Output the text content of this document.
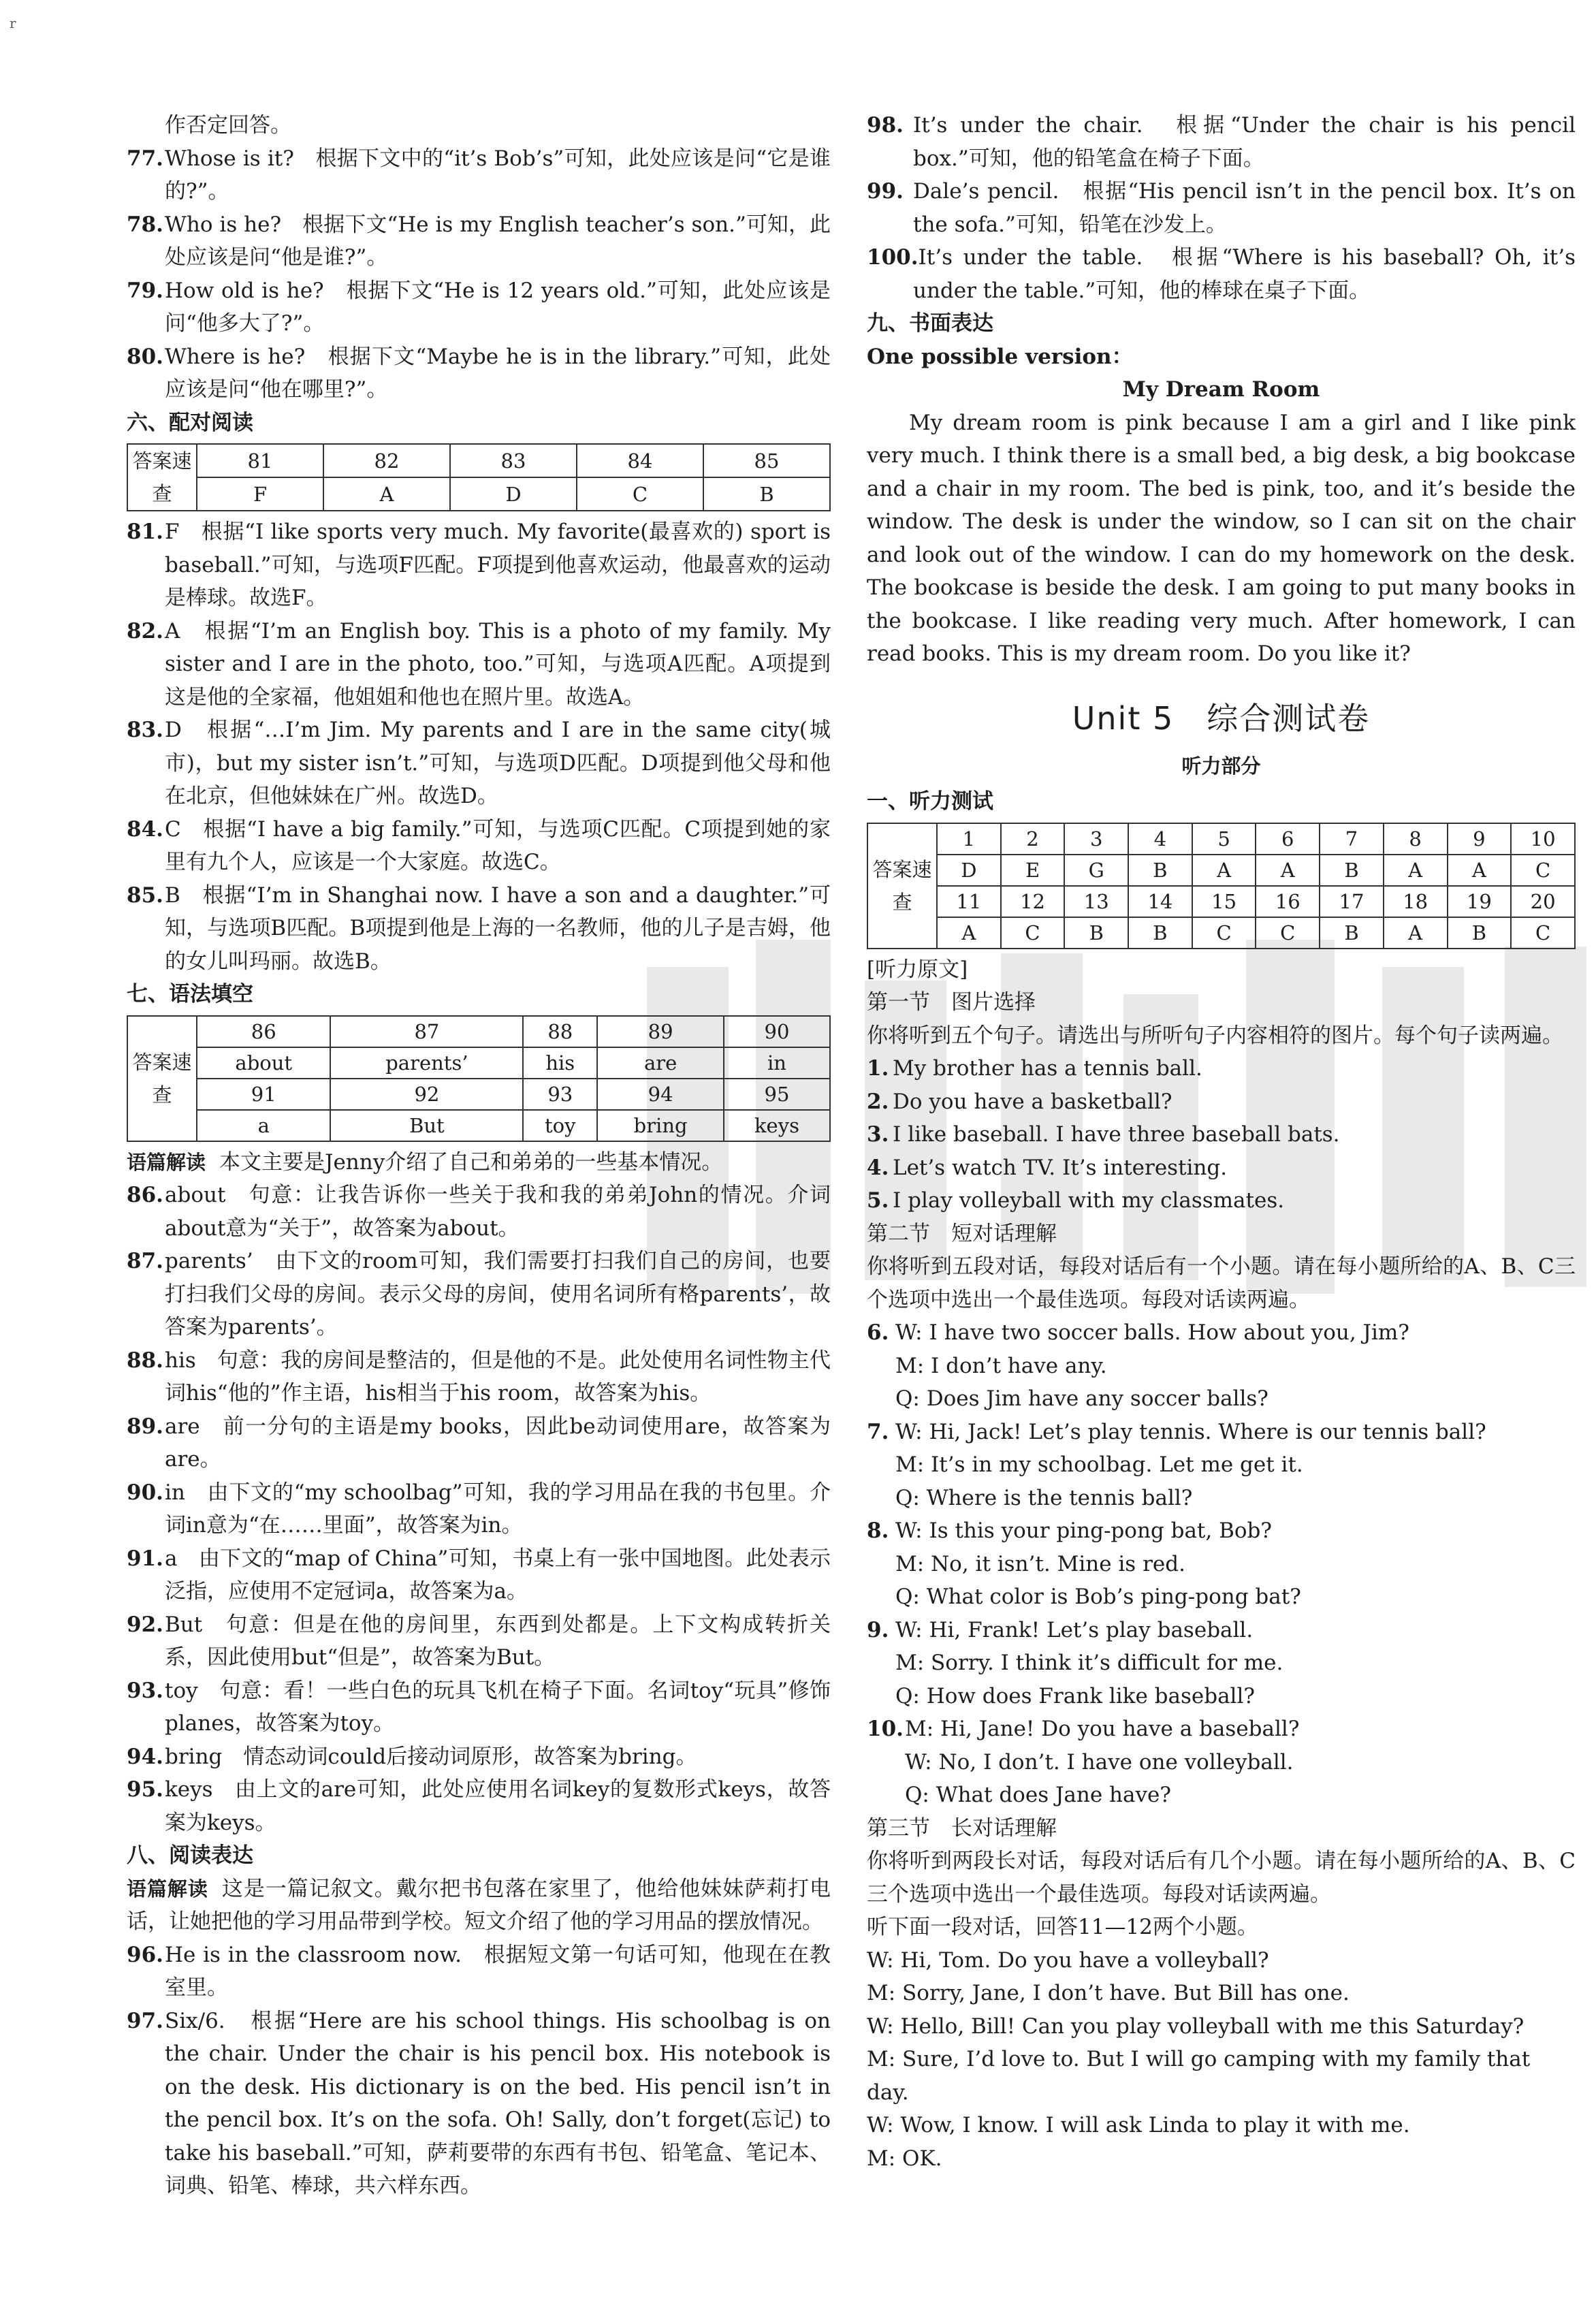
r

作否定回答。

77.Whose is it?　根据下文中的“it’s Bob’s”可知，此处应该是问“它是谁的?”。

78.Who is he?　根据下文“He is my English teacher’s son.”可知，此处应该是问“他是谁?”。

79.How old is he?　根据下文“He is 12 years old.”可知，此处应该是问“他多大了?”。

80.Where is he?　根据下文“Maybe he is in the library.”可知，此处应该是问“他在哪里?”。

六、配对阅读

答案速查	81	82	83	84	85
	F	A	D	C	B

81.F　根据“I like sports very much. My favorite(最喜欢的) sport is baseball.”可知，与选项F匹配。F项提到他喜欢运动，他最喜欢的运动是棒球。故选F。

82.A　根据“I’m an English boy. This is a photo of my family. My sister and I are in the photo, too.”可知，与选项A匹配。A项提到这是他的全家福，他姐姐和他也在照片里。故选A。

83.D　根据“…I’m Jim. My parents and I are in the same city(城市)，but my sister isn’t.”可知，与选项D匹配。D项提到他父母和他在北京，但他妹妹在广州。故选D。

84.C　根据“I have a big family.”可知，与选项C匹配。C项提到她的家里有九个人，应该是一个大家庭。故选C。

85.B　根据“I’m in Shanghai now. I have a son and a daughter.”可知，与选项B匹配。B项提到他是上海的一名教师，他的儿子是吉姆，他的女儿叫玛丽。故选B。

七、语法填空

答案速查	86	87	88	89	90
	about	parents’	his	are	in
	91	92	93	94	95
	a	But	toy	bring	keys

语篇解读 本文主要是Jenny介绍了自己和弟弟的一些基本情况。

86.about　句意：让我告诉你一些关于我和我的弟弟John的情况。介词about意为“关于”，故答案为about。

87.parents’　由下文的room可知，我们需要打扫我们自己的房间，也要打扫我们父母的房间。表示父母的房间，使用名词所有格parents’，故答案为parents’。

88.his　句意：我的房间是整洁的，但是他的不是。此处使用名词性物主代词his“他的”作主语，his相当于his room，故答案为his。

89.are　前一分句的主语是my books，因此be动词使用are，故答案为are。

90.in　由下文的“my schoolbag”可知，我的学习用品在我的书包里。介词in意为“在……里面”，故答案为in。

91.a　由下文的“map of China”可知，书桌上有一张中国地图。此处表示泛指，应使用不定冠词a，故答案为a。

92.But　句意：但是在他的房间里，东西到处都是。上下文构成转折关系，因此使用but“但是”，故答案为But。

93.toy　句意：看！一些白色的玩具飞机在椅子下面。名词toy“玩具”修饰planes，故答案为toy。

94.bring　情态动词could后接动词原形，故答案为bring。

95.keys　由上文的are可知，此处应使用名词key的复数形式keys，故答案为keys。

八、阅读表达

语篇解读 这是一篇记叙文。戴尔把书包落在家里了，他给他妹妹萨莉打电话，让她把他的学习用品带到学校。短文介绍了他的学习用品的摆放情况。

96.He is in the classroom now.　根据短文第一句话可知，他现在在教室里。

97.Six/6.　根据“Here are his school things. His schoolbag is on the chair. Under the chair is his pencil box. His notebook is on the desk. His dictionary is on the bed. His pencil isn’t in the pencil box. It’s on the sofa. Oh! Sally, don’t forget(忘记) to take his baseball.”可知，萨莉要带的东西有书包、铅笔盒、笔记本、词典、铅笔、棒球，共六样东西。

98. It’s under the chair.　根据“Under the chair is his pencil box.”可知，他的铅笔盒在椅子下面。

99. Dale’s pencil.　根据“His pencil isn’t in the pencil box. It’s on the sofa.”可知，铅笔在沙发上。

100.It’s under the table.　根据“Where is his baseball? Oh, it’s under the table.”可知，他的棒球在桌子下面。

九、书面表达

One possible version：

My Dream Room

My dream room is pink because I am a girl and I like pink very much. I think there is a small bed, a big desk, a big bookcase and a chair in my room. The bed is pink, too, and it’s beside the window. The desk is under the window, so I can sit on the chair and look out of the window. I can do my homework on the desk. The bookcase is beside the desk. I am going to put many books in the bookcase. I like reading very much. After homework, I can read books. This is my dream room. Do you like it?

Unit 5　综合测试卷

听力部分

一、听力测试

答案速查	1	2	3	4	5	6	7	8	9	10
	D	E	G	B	A	A	B	A	A	C
	11	12	13	14	15	16	17	18	19	20
	A	C	B	B	C	C	B	A	B	C

[听力原文]

第一节　图片选择

你将听到五个句子。请选出与所听句子内容相符的图片。每个句子读两遍。

1. My brother has a tennis ball.

2. Do you have a basketball?

3. I like baseball. I have three baseball bats.

4. Let’s watch TV. It’s interesting.

5. I play volleyball with my classmates.

第二节　短对话理解

你将听到五段对话，每段对话后有一个小题。请在每小题所给的A、B、C三个选项中选出一个最佳选项。每段对话读两遍。

6. W: I have two soccer balls. How about you, Jim?

M: I don’t have any.

Q: Does Jim have any soccer balls?

7. W: Hi, Jack! Let’s play tennis. Where is our tennis ball?

M: It’s in my schoolbag. Let me get it.

Q: Where is the tennis ball?

8. W: Is this your ping-pong bat, Bob?

M: No, it isn’t. Mine is red.

Q: What color is Bob’s ping-pong bat?

9. W: Hi, Frank! Let’s play baseball.

M: Sorry. I think it’s difficult for me.

Q: How does Frank like baseball?

10.M: Hi, Jane! Do you have a baseball?

W: No, I don’t. I have one volleyball.

Q: What does Jane have?

第三节　长对话理解

你将听到两段长对话，每段对话后有几个小题。请在每小题所给的A、B、C三个选项中选出一个最佳选项。每段对话读两遍。

听下面一段对话，回答11—12两个小题。

W: Hi, Tom. Do you have a volleyball?

M: Sorry, Jane, I don’t have. But Bill has one.

W: Hello, Bill! Can you play volleyball with me this Saturday?

M: Sure, I’d love to. But I will go camping with my family that day.

W: Wow, I know. I will ask Linda to play it with me.

M: OK.
